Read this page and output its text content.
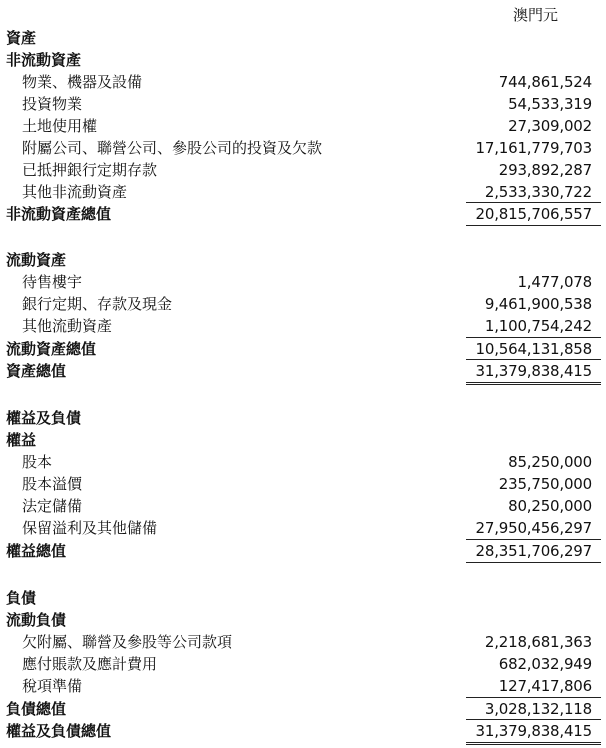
澳門元
資產
非流動資產
物業、機器及設備	744,861,524
投資物業	54,533,319
土地使用權	27,309,002
附屬公司、聯營公司、參股公司的投資及欠款	17,161,779,703
已抵押銀行定期存款	293,892,287
其他非流動資產	2,533,330,722
非流動資產總值	20,815,706,557
流動資產
待售樓宇	1,477,078
銀行定期、存款及現金	9,461,900,538
其他流動資產	1,100,754,242
流動資產總值	10,564,131,858
資產總值	31,379,838,415
權益及負債
權益
股本	85,250,000
股本溢價	235,750,000
法定儲備	80,250,000
保留溢利及其他儲備	27,950,456,297
權益總值	28,351,706,297
負債
流動負債
欠附屬、聯營及參股等公司款項	2,218,681,363
應付賬款及應計費用	682,032,949
稅項準備	127,417,806
負債總值	3,028,132,118
權益及負債總值	31,379,838,415
